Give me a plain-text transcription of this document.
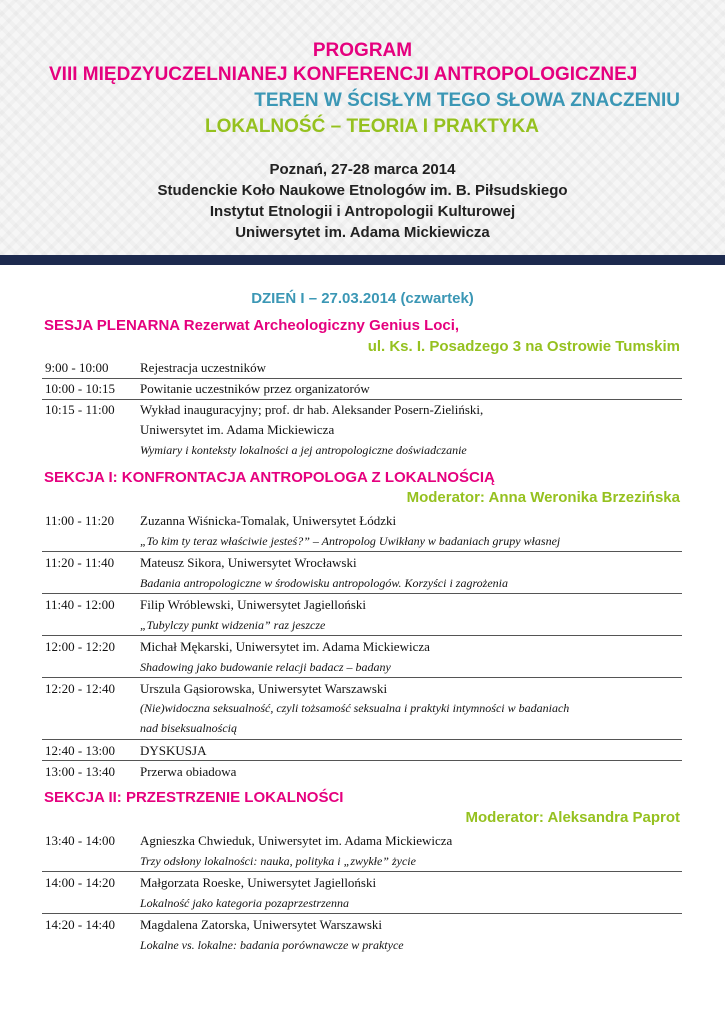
PROGRAM
VIII MIĘDZYUCZELNIANEJ KONFERENCJI ANTROPOLOGICZNEJ
TEREN W ŚCISŁYM TEGO SŁOWA ZNACZENIU
LOKALNOŚĆ – TEORIA I PRAKTYKA
Poznań, 27-28 marca 2014
Studenckie Koło Naukowe Etnologów im. B. Piłsudskiego
Instytut Etnologii i Antropologii Kulturowej
Uniwersytet im. Adama Mickiewicza
DZIEŃ I – 27.03.2014 (czwartek)
SESJA PLENARNA Rezerwat Archeologiczny Genius Loci,
ul. Ks. I. Posadzego 3 na Ostrowie Tumskim
9:00 - 10:00 Rejestracja uczestników
10:00 - 10:15 Powitanie uczestników przez organizatorów
10:15 - 11:00 Wykład inauguracyjny; prof. dr hab. Aleksander Posern-Zieliński,
Uniwersytet im. Adama Mickiewicza
Wymiary i konteksty lokalności a jej antropologiczne doświadczanie
SEKCJA I: KONFRONTACJA ANTROPOLOGA Z LOKALNOŚCIĄ
Moderator: Anna Weronika Brzezińska
11:00 - 11:20 Zuzanna Wiśnicka-Tomalak, Uniwersytet Łódzki
„To kim ty teraz właściwie jesteś?” – Antropolog Uwikłany w badaniach grupy własnej
11:20 - 11:40 Mateusz Sikora, Uniwersytet Wrocławski
Badania antropologiczne w środowisku antropologów. Korzyści i zagrożenia
11:40 - 12:00 Filip Wróblewski, Uniwersytet Jagielloński
„Tubylczy punkt widzenia” raz jeszcze
12:00 - 12:20 Michał Mękarski, Uniwersytet im. Adama Mickiewicza
Shadowing jako budowanie relacji badacz – badany
12:20 - 12:40 Urszula Gąsiorowska, Uniwersytet Warszawski
(Nie)widoczna seksualność, czyli tożsamość seksualna i praktyki intymności w badaniach
nad biseksualnością
12:40 - 13:00 DYSKUSJA
13:00 - 13:40 Przerwa obiadowa
SEKCJA II: PRZESTRZENIE LOKALNOŚCI
Moderator: Aleksandra Paprot
13:40 - 14:00 Agnieszka Chwieduk, Uniwersytet im. Adama Mickiewicza
Trzy odsłony lokalności: nauka, polityka i „zwykłe” życie
14:00 - 14:20 Małgorzata Roeske, Uniwersytet Jagielloński
Lokalność jako kategoria pozaprzestrzenna
14:20 - 14:40 Magdalena Zatorska, Uniwersytet Warszawski
Lokalne vs. lokalne: badania porównawcze w praktyce
